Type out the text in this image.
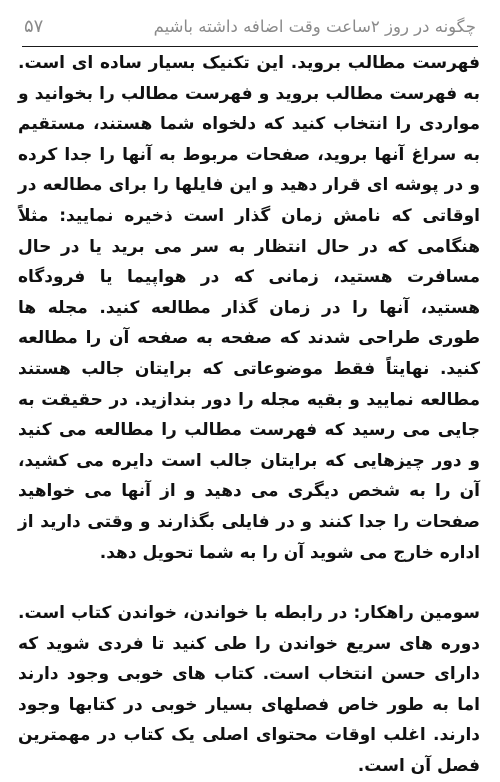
۵۷	چگونه در روز ۲ساعت وقت اضافه داشته باشیم

فهرست مطالب بروید. این تکنیک بسیار ساده ای است. به فهرست مطالب بروید و فهرست مطالب را بخوانید و مواردی را انتخاب کنید که دلخواه شما هستند، مستقیم به سراغ آنها بروید، صفحات مربوط به آنها را جدا کرده و در پوشه ای قرار دهید و این فایلها را برای مطالعه در اوقاتی که نامش زمان گذار است ذخیره نمایید: مثلاً هنگامی که در حال انتظار به سر می برید یا در حال مسافرت هستید، زمانی که در هواپیما یا فرودگاه هستید، آنها را در زمان گذار مطالعه کنید. مجله ها طوری طراحی شدند که صفحه به صفحه آن را مطالعه کنید. نهایتاً فقط موضوعاتی که برایتان جالب هستند مطالعه نمایید و بقیه مجله را دور بندازید. در حقیقت به جایی می رسید که فهرست مطالب را مطالعه می کنید و دور چیزهایی که برایتان جالب است دایره می کشید، آن را به شخص دیگری می دهید و از آنها می خواهید صفحات را جدا کنند و در فایلی بگذارند و وقتی دارید از اداره خارج می شوید آن را به شما تحویل دهد.

سومین راهکار: در رابطه با خواندن، خواندن کتاب است. دوره های سریع خواندن را طی کنید تا فردی شوید که دارای حسن انتخاب است. کتاب های خوبی وجود دارند اما به طور خاص فصلهای بسیار خوبی در کتابها وجود دارند. اغلب اوقات محتوای اصلی یک کتاب در مهمترین فصل آن است.
